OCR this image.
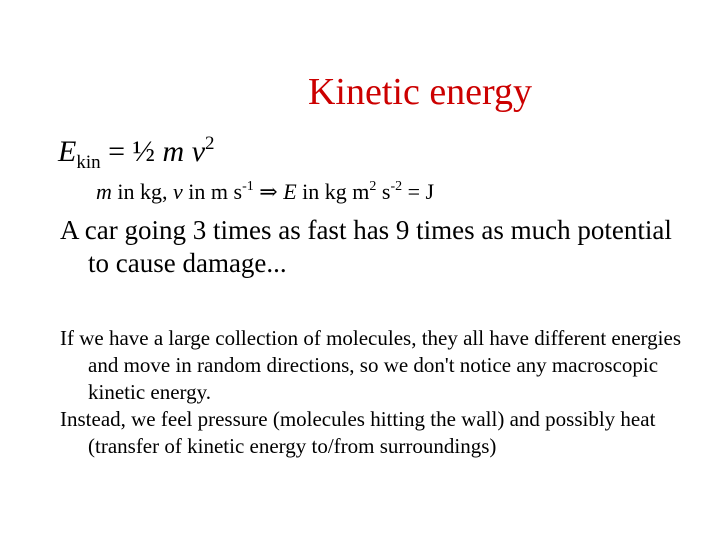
Kinetic energy
$E_{kin}$ = ½ m $v^2$
m in kg, v in m $s^{-1}$ ⇒ E in kg $m^2$ $s^{-2} = J$

A car going 3 times as fast has 9 times as much potential to cause damage...

If we have a large collection of molecules, they all have different energies and move in random directions, so we don't notice any macroscopic kinetic energy.

Instead, we feel pressure (molecules hitting the wall) and possibly heat (transfer of kinetic energy to/from surroundings)
